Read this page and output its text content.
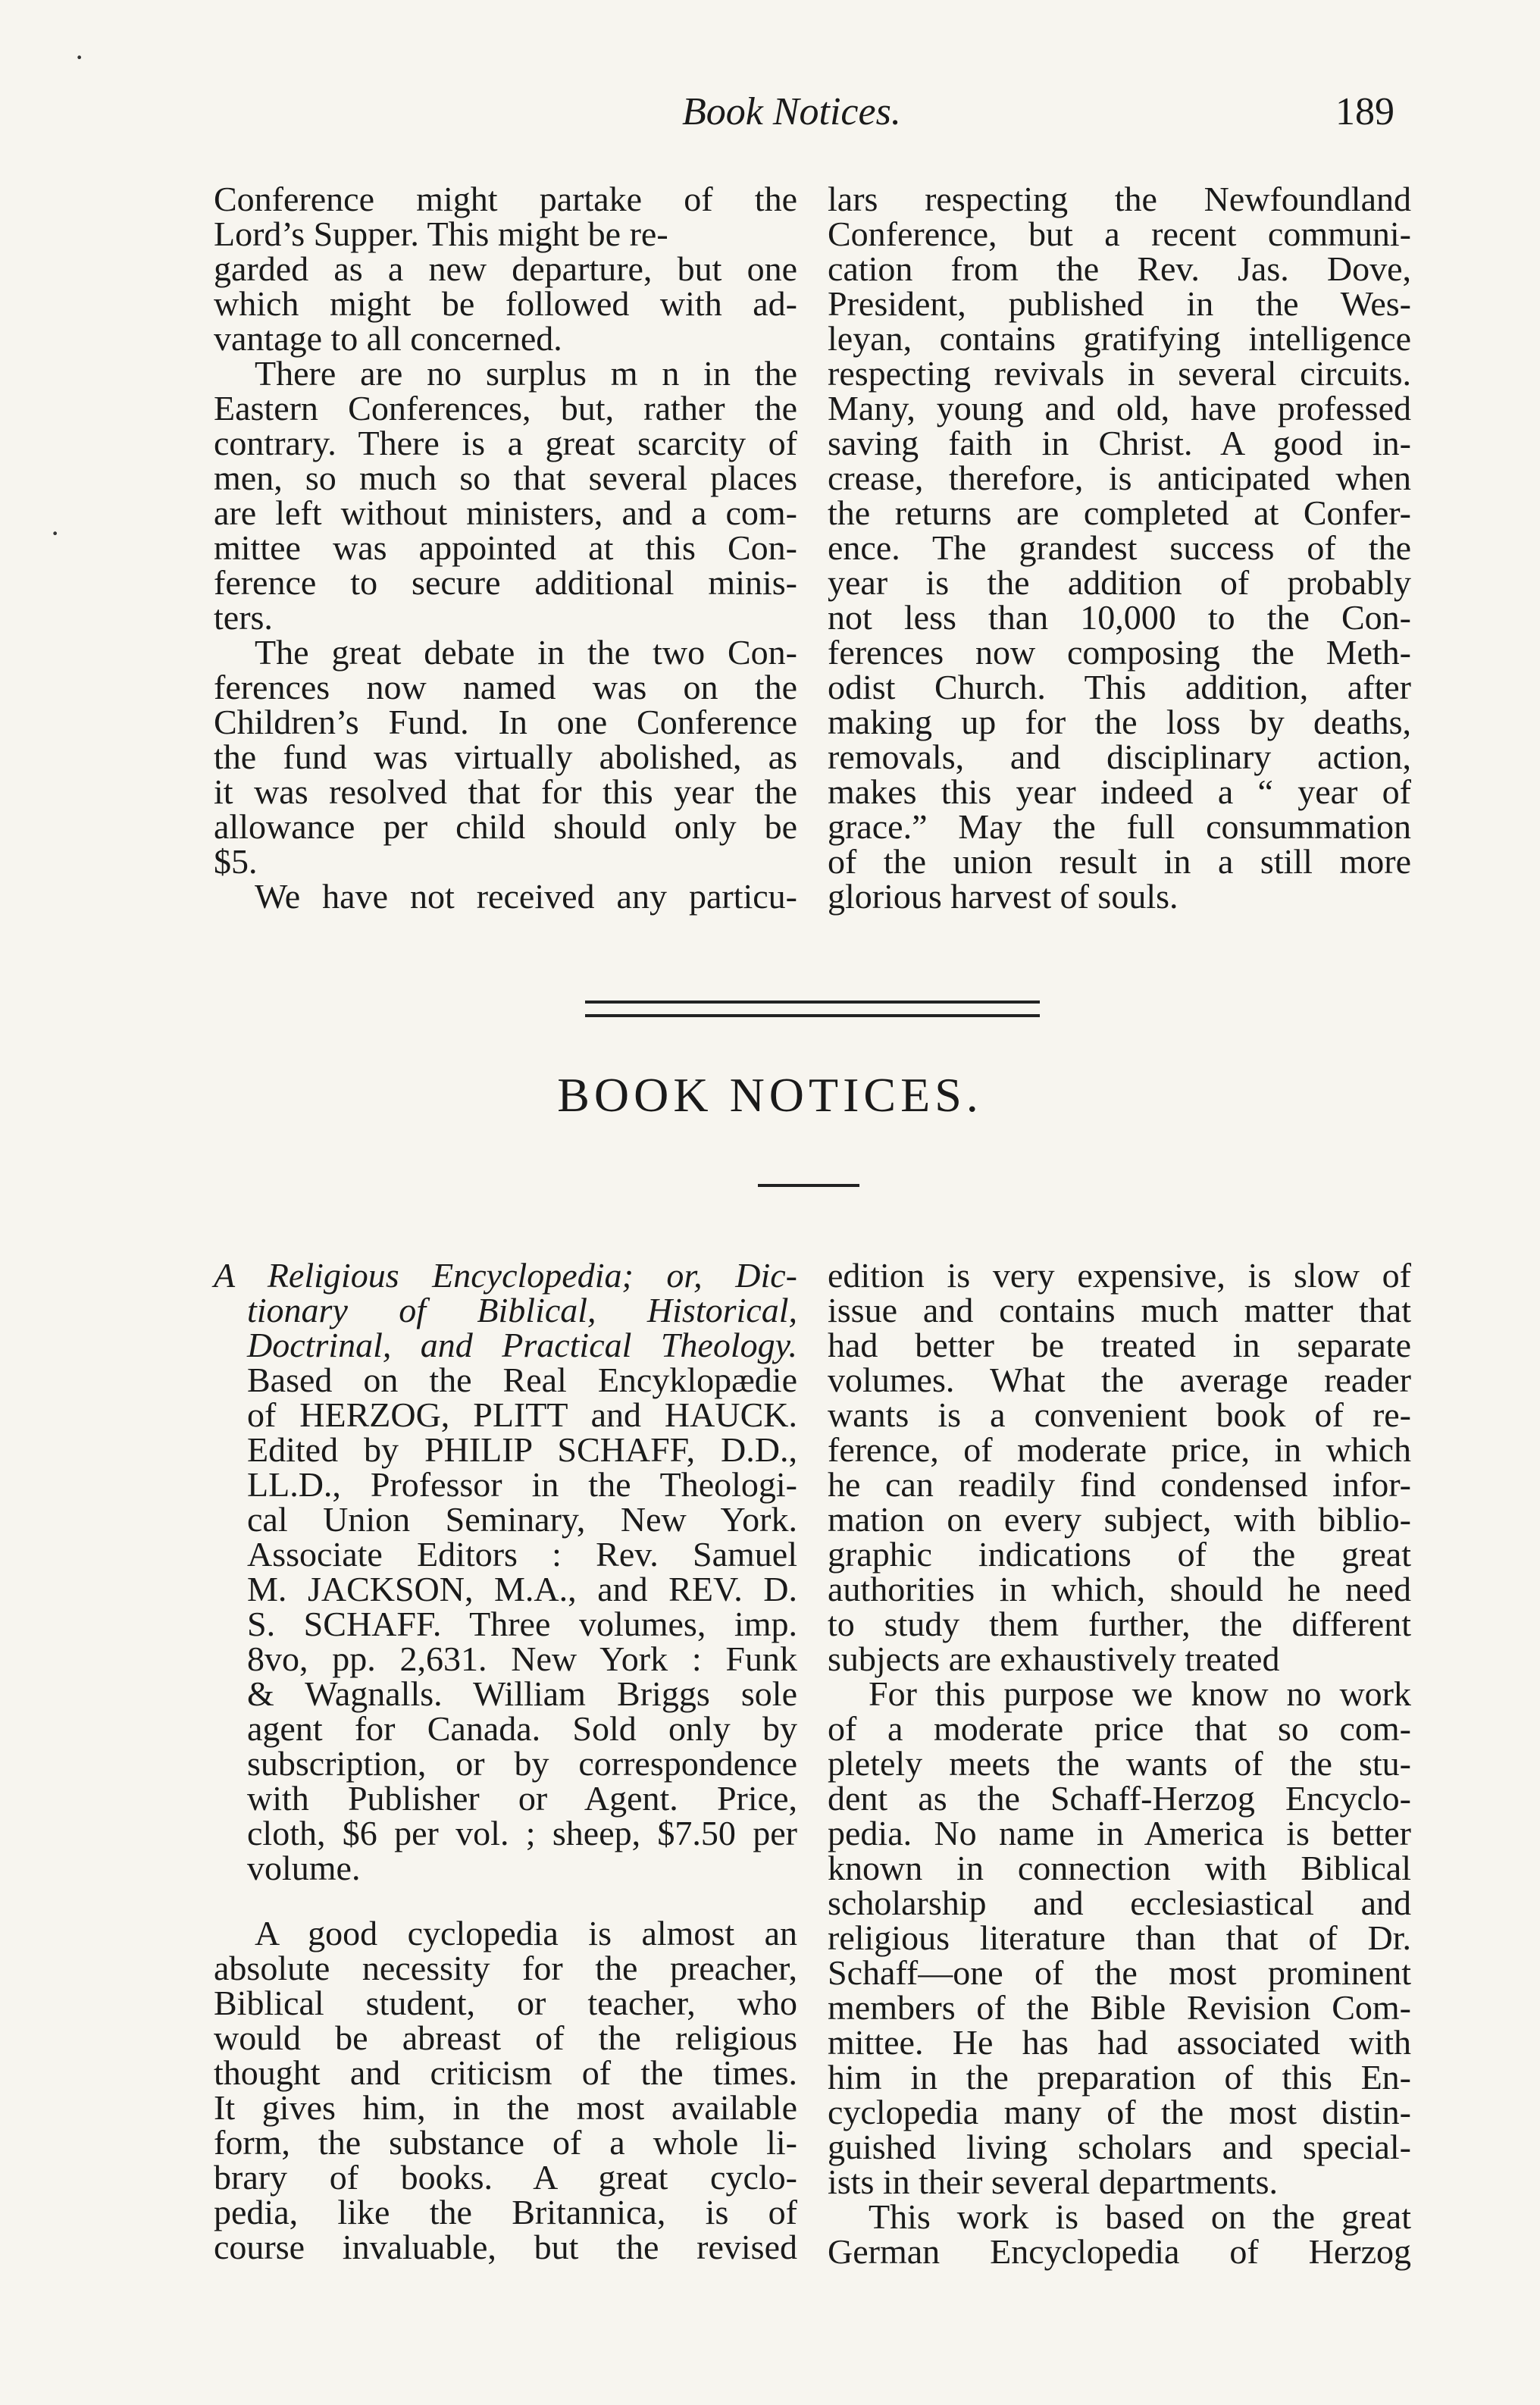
Book Notices.	189
·
·
Conference might partake of the
Lord’s Supper. This might be re-
garded as a new departure, but one
which might be followed with ad-
vantage to all concerned.
There are no surplus m n in the
Eastern Conferences, but, rather the
contrary. There is a great scarcity of
men, so much so that several places
are left without ministers, and a com-
mittee was appointed at this Con-
ference to secure additional minis-
ters.
The great debate in the two Con-
ferences now named was on the
Children’s Fund. In one Conference
the fund was virtually abolished, as
it was resolved that for this year the
allowance per child should only be
$5.
We have not received any particu-
lars respecting the Newfoundland
Conference, but a recent communi-
cation from the Rev. Jas. Dove,
President, published in the Wes-
leyan, contains gratifying intelligence
respecting revivals in several circuits.
Many, young and old, have professed
saving faith in Christ. A good in-
crease, therefore, is anticipated when
the returns are completed at Confer-
ence. The grandest success of the
year is the addition of probably
not less than 10,000 to the Con-
ferences now composing the Meth-
odist Church. This addition, after
making up for the loss by deaths,
removals, and disciplinary action,
makes this year indeed a “ year of
grace.” May the full consummation
of the union result in a still more
glorious harvest of souls.
BOOK NOTICES.
A Religious Encyclopedia; or, Dic-
tionary of Biblical, Historical,
Doctrinal, and Practical Theology.
Based on the Real Encyklopædie
of HERZOG, PLITT and HAUCK.
Edited by PHILIP SCHAFF, D.D.,
LL.D., Professor in the Theologi-
cal Union Seminary, New York.
Associate Editors : Rev. Samuel
M. JACKSON, M.A., and REV. D.
S. SCHAFF. Three volumes, imp.
8vo, pp. 2,631. New York : Funk
& Wagnalls. William Briggs sole
agent for Canada. Sold only by
subscription, or by correspondence
with Publisher or Agent. Price,
cloth, $6 per vol. ; sheep, $7.50 per
volume.
A good cyclopedia is almost an
absolute necessity for the preacher,
Biblical student, or teacher, who
would be abreast of the religious
thought and criticism of the times.
It gives him, in the most available
form, the substance of a whole li-
brary of books. A great cyclo-
pedia, like the Britannica, is of
course invaluable, but the revised
edition is very expensive, is slow of
issue and contains much matter that
had better be treated in separate
volumes. What the average reader
wants is a convenient book of re-
ference, of moderate price, in which
he can readily find condensed infor-
mation on every subject, with biblio-
graphic indications of the great
authorities in which, should he need
to study them further, the different
subjects are exhaustively treated
For this purpose we know no work
of a moderate price that so com-
pletely meets the wants of the stu-
dent as the Schaff-Herzog Encyclo-
pedia. No name in America is better
known in connection with Biblical
scholarship and ecclesiastical and
religious literature than that of Dr.
Schaff—one of the most prominent
members of the Bible Revision Com-
mittee. He has had associated with
him in the preparation of this En-
cyclopedia many of the most distin-
guished living scholars and special-
ists in their several departments.
This work is based on the great
German Encyclopedia of Herzog
